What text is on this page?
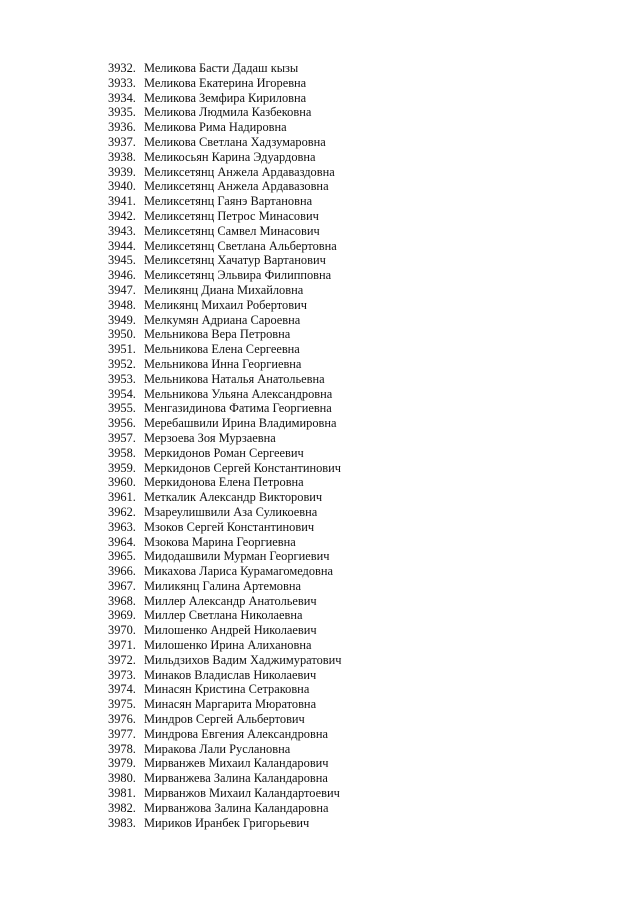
3932. Меликова Басти Дадаш кызы
3933. Меликова Екатерина Игоревна
3934. Меликова Земфира Кириловна
3935. Меликова Людмила Казбековна
3936. Меликова Рима Надировна
3937. Меликова Светлана Хадзумаровна
3938. Меликосьян Карина Эдуардовна
3939. Меликсетянц Анжела Ардаваздовна
3940. Меликсетянц Анжела Ардавазовна
3941. Меликсетянц Гаянэ Вартановна
3942. Меликсетянц Петрос Минасович
3943. Меликсетянц Самвел Минасович
3944. Меликсетянц Светлана Альбертовна
3945. Меликсетянц Хачатур Вартанович
3946. Меликсетянц Эльвира Филипповна
3947. Меликянц Диана Михайловна
3948. Меликянц Михаил Робертович
3949. Мелкумян Адриана Сароевна
3950. Мельникова Вера Петровна
3951. Мельникова Елена Сергеевна
3952. Мельникова Инна Георгиевна
3953. Мельникова Наталья Анатольевна
3954. Мельникова Ульяна Александровна
3955. Менгазидинова Фатима Георгиевна
3956. Меребашвили Ирина Владимировна
3957. Мерзоева Зоя Мурзаевна
3958. Меркидонов Роман Сергеевич
3959. Меркидонов Сергей Константинович
3960. Меркидонова Елена Петровна
3961. Меткалик Александр Викторович
3962. Мзареулишвили Аза Суликоевна
3963. Мзоков Сергей Константинович
3964. Мзокова Марина Георгиевна
3965. Мидодашвили Мурман Георгиевич
3966. Микахова Лариса Курамагомедовна
3967. Миликянц Галина Артемовна
3968. Миллер Александр Анатольевич
3969. Миллер Светлана Николаевна
3970. Милошенко Андрей Николаевич
3971. Милошенко Ирина Алихановна
3972. Мильдзихов Вадим Хаджимуратович
3973. Минаков Владислав Николаевич
3974. Минасян Кристина Сетраковна
3975. Минасян Маргарита Мюратовна
3976. Миндров Сергей Альбертович
3977. Миндрова Евгения Александровна
3978. Миракова Лали Руслановна
3979. Мирванжев Михаил Каландарович
3980. Мирванжева Залина Каландаровна
3981. Мирванжов Михаил Каландартоевич
3982. Мирванжова Залина Каландаровна
3983. Мириков Иранбек Григорьевич
